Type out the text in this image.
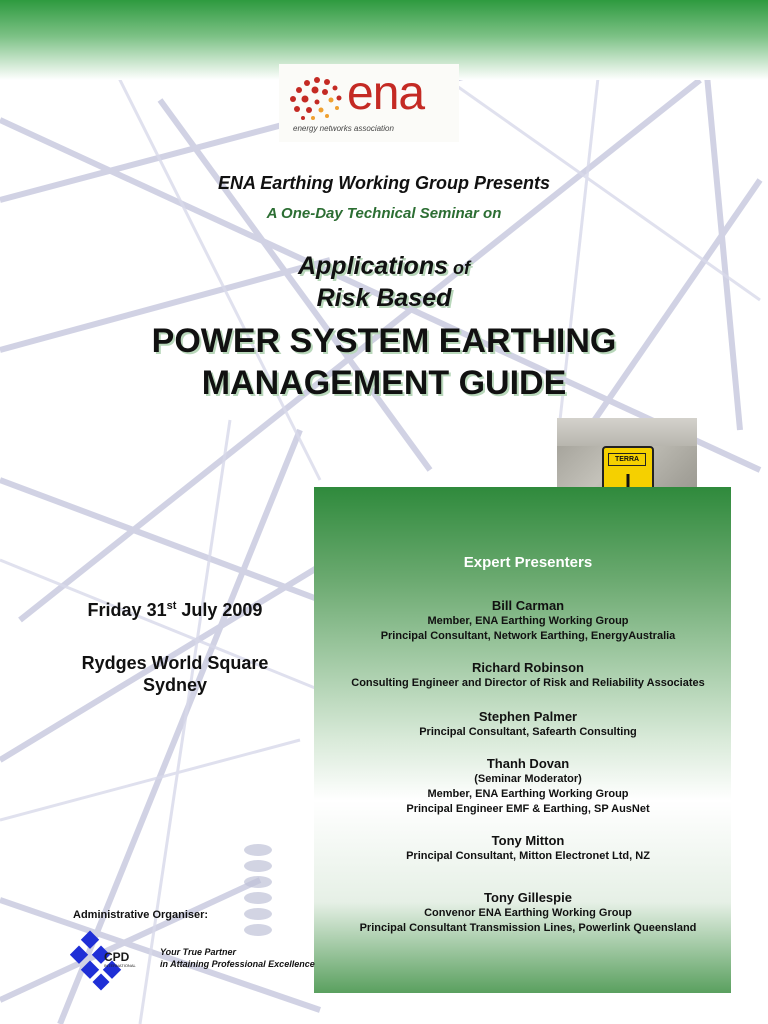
ena
energy networks association
ENA Earthing Working Group Presents
A One-Day Technical Seminar on
Applications of
Risk Based
POWER SYSTEM EARTHING
MANAGEMENT GUIDE
TERRA
Expert Presenters
Bill Carman
Member, ENA Earthing Working Group
Principal Consultant, Network Earthing, EnergyAustralia
Richard Robinson
Consulting Engineer and Director of Risk and Reliability Associates
Stephen Palmer
Principal Consultant, Safearth Consulting
Thanh Dovan
(Seminar Moderator)
Member, ENA Earthing Working Group
Principal Engineer EMF & Earthing, SP AusNet
Tony Mitton
Principal Consultant, Mitton Electronet Ltd, NZ
Tony Gillespie
Convenor ENA Earthing Working Group
Principal Consultant Transmission Lines, Powerlink Queensland
Friday 31st July 2009
Rydges World Square
Sydney
Administrative Organiser:
CPD
INTERNATIONAL
Your True Partner
in Attaining Professional Excellence
